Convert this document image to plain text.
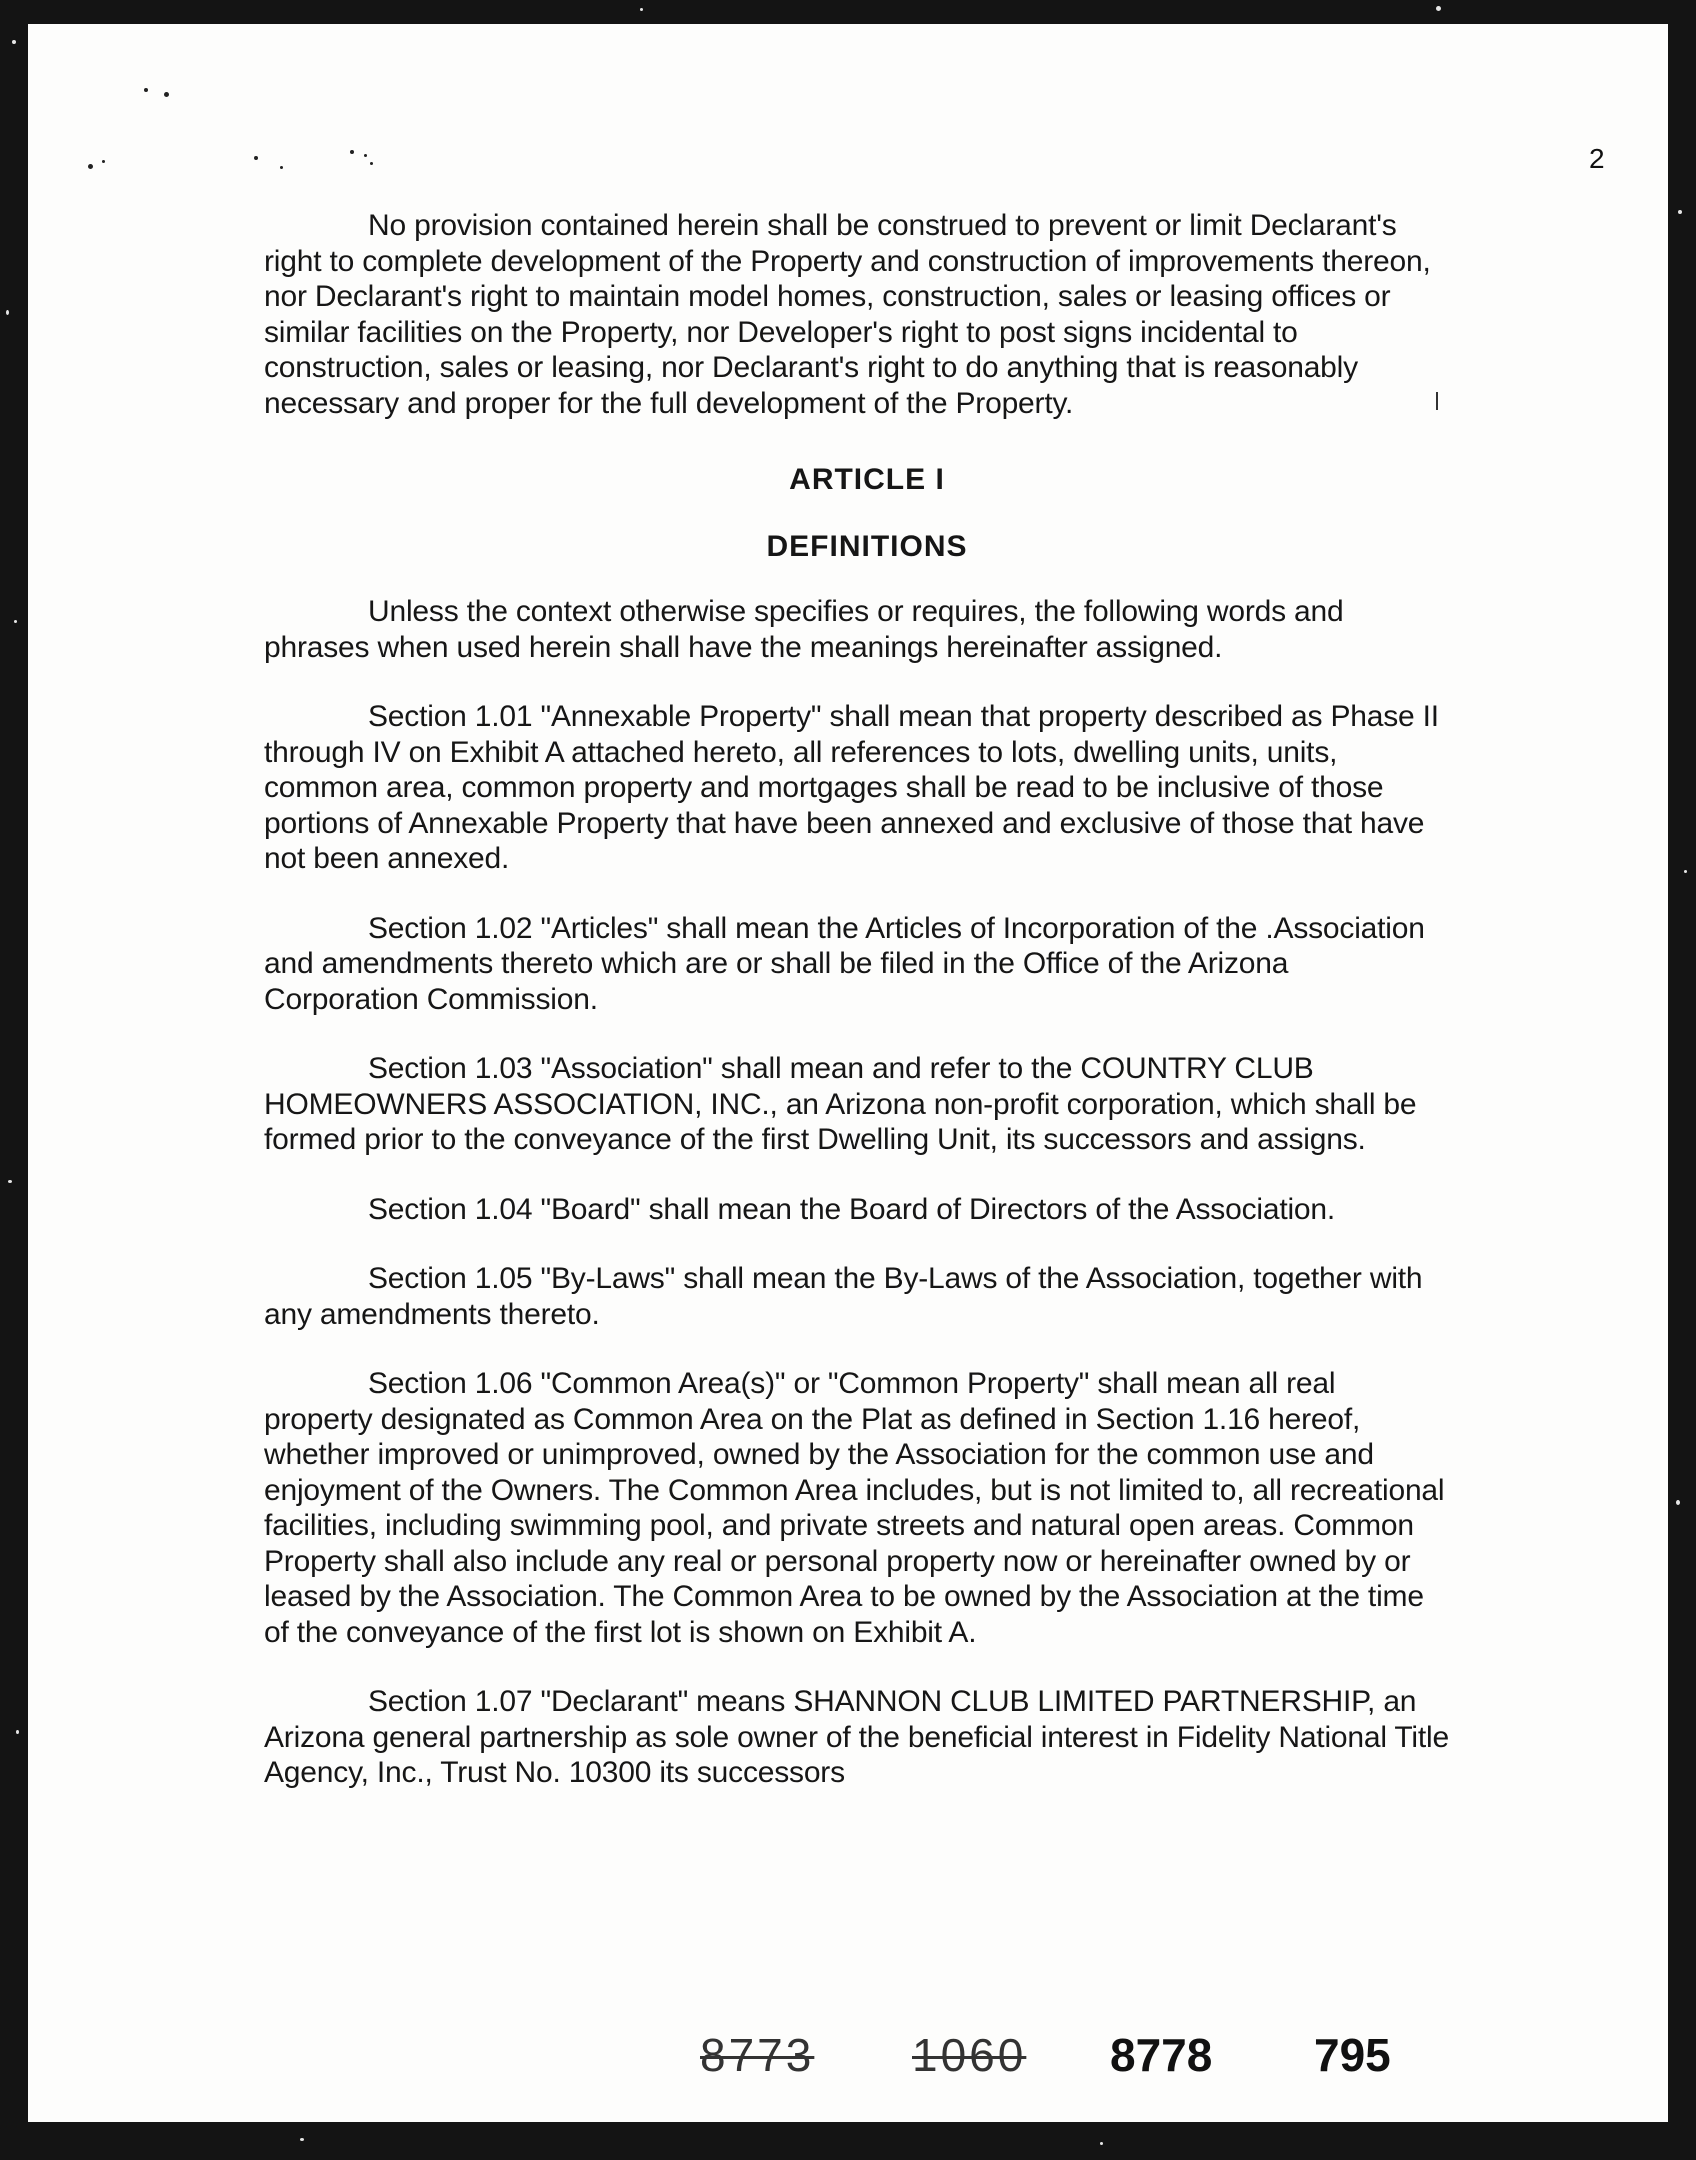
2

No provision contained herein shall be construed to prevent or limit Declarant's right to complete development of the Property and construction of improvements thereon, nor Declarant's right to maintain model homes, construction, sales or leasing offices or similar facilities on the Property, nor Developer's right to post signs incidental to construction, sales or leasing, nor Declarant's right to do anything that is reasonably necessary and proper for the full development of the Property.

ARTICLE I

DEFINITIONS

Unless the context otherwise specifies or requires, the following words and phrases when used herein shall have the meanings hereinafter assigned.

Section 1.01 "Annexable Property" shall mean that property described as Phase II through IV on Exhibit A attached hereto, all references to lots, dwelling units, units, common area, common property and mortgages shall be read to be inclusive of those portions of Annexable Property that have been annexed and exclusive of those that have not been annexed.

Section 1.02 "Articles" shall mean the Articles of Incorporation of the .Association and amendments thereto which are or shall be filed in the Office of the Arizona Corporation Commission.

Section 1.03 "Association" shall mean and refer to the COUNTRY CLUB HOMEOWNERS ASSOCIATION, INC., an Arizona non-profit corporation, which shall be formed prior to the conveyance of the first Dwelling Unit, its successors and assigns.

Section 1.04 "Board" shall mean the Board of Directors of the Association.

Section 1.05 "By-Laws" shall mean the By-Laws of the Association, together with any amendments thereto.

Section 1.06 "Common Area(s)" or "Common Property" shall mean all real property designated as Common Area on the Plat as defined in Section 1.16 hereof, whether improved or unimproved, owned by the Association for the common use and enjoyment of the Owners. The Common Area includes, but is not limited to, all recreational facilities, including swimming pool, and private streets and natural open areas. Common Property shall also include any real or personal property now or hereinafter owned by or leased by the Association. The Common Area to be owned by the Association at the time of the conveyance of the first lot is shown on Exhibit A.

Section 1.07 "Declarant" means SHANNON CLUB LIMITED PARTNERSHIP, an Arizona general partnership as sole owner of the beneficial interest in Fidelity National Title Agency, Inc., Trust No. 10300 its successors

8773 1060 8778 795
